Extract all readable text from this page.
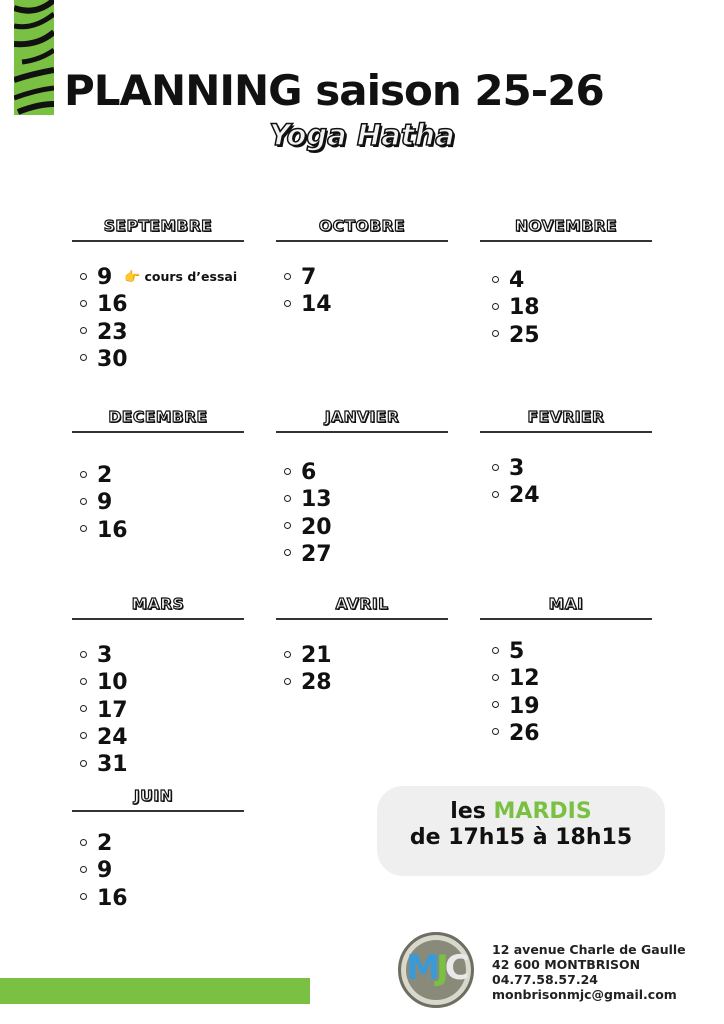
PLANNING saison 25-26
Yoga Hatha
SEPTEMBRE
9 👉 cours d’essai
16
23
30
OCTOBRE
7
14
NOVEMBRE
4
18
25
DECEMBRE
2
9
16
JANVIER
6
13
20
27
FEVRIER
3
24
MARS
3
10
17
24
31
AVRIL
21
28
MAI
5
12
19
26
JUIN
2
9
16
les MARDIS
de 17h15 à 18h15
MJC	12 avenue Charle de Gaulle
42 600 MONTBRISON
04.77.58.57.24
monbrisonmjc@gmail.com
